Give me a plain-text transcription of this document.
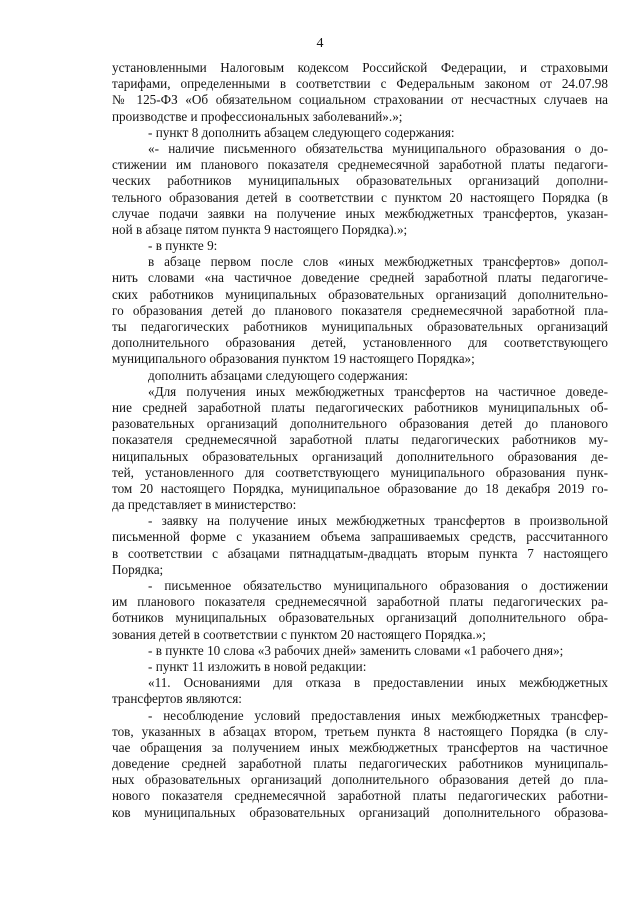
4
установленными Налоговым кодексом Российской Федерации, и страховыми
тарифами, определенными в соответствии с Федеральным законом от 24.07.98
№ 125-ФЗ «Об обязательном социальном страховании от несчастных случаев на
производстве и профессиональных заболеваний».»;
- пункт 8 дополнить абзацем следующего содержания:
«- наличие письменного обязательства муниципального образования о до-
стижении им планового показателя среднемесячной заработной платы педагоги-
ческих работников муниципальных образовательных организаций дополни-
тельного образования детей в соответствии с пунктом 20 настоящего Порядка (в
случае подачи заявки на получение иных межбюджетных трансфертов, указан-
ной в абзаце пятом пункта 9 настоящего Порядка).»;
- в пункте 9:
в абзаце первом после слов «иных межбюджетных трансфертов» допол-
нить словами «на частичное доведение средней заработной платы педагогиче-
ских работников муниципальных образовательных организаций дополнительно-
го образования детей до планового показателя среднемесячной заработной пла-
ты педагогических работников муниципальных образовательных организаций
дополнительного образования детей, установленного для соответствующего
муниципального образования пунктом 19 настоящего Порядка»;
дополнить абзацами следующего содержания:
«Для получения иных межбюджетных трансфертов на частичное доведе-
ние средней заработной платы педагогических работников муниципальных об-
разовательных организаций дополнительного образования детей до планового
показателя среднемесячной заработной платы педагогических работников му-
ниципальных образовательных организаций дополнительного образования де-
тей, установленного для соответствующего муниципального образования пунк-
том 20 настоящего Порядка, муниципальное образование до 18 декабря 2019 го-
да представляет в министерство:
- заявку на получение иных межбюджетных трансфертов в произвольной
письменной форме с указанием объема запрашиваемых средств, рассчитанного
в соответствии с абзацами пятнадцатым-двадцать вторым пункта 7 настоящего
Порядка;
- письменное обязательство муниципального образования о достижении
им планового показателя среднемесячной заработной платы педагогических ра-
ботников муниципальных образовательных организаций дополнительного обра-
зования детей в соответствии с пунктом 20 настоящего Порядка.»;
- в пункте 10 слова «3 рабочих дней» заменить словами «1 рабочего дня»;
- пункт 11 изложить в новой редакции:
«11. Основаниями для отказа в предоставлении иных межбюджетных
трансфертов являются:
- несоблюдение условий предоставления иных межбюджетных трансфер-
тов, указанных в абзацах втором, третьем пункта 8 настоящего Порядка (в слу-
чае обращения за получением иных межбюджетных трансфертов на частичное
доведение средней заработной платы педагогических работников муниципаль-
ных образовательных организаций дополнительного образования детей до пла-
нового показателя среднемесячной заработной платы педагогических работни-
ков муниципальных образовательных организаций дополнительного образова-
